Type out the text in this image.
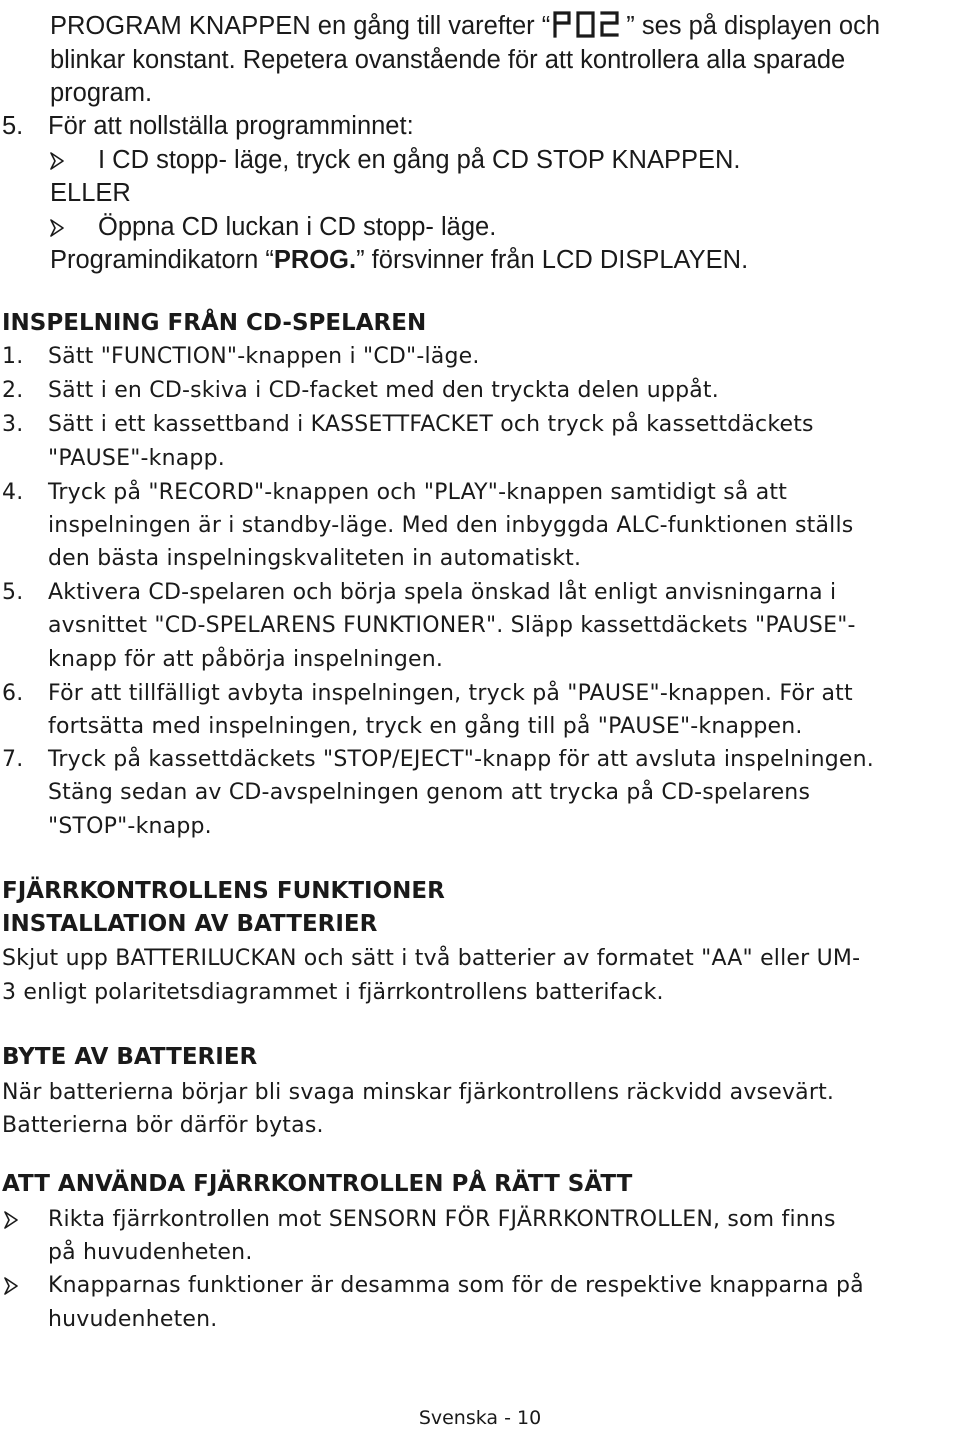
PROGRAM KNAPPEN en gång till varefter “	” ses på displayen och
blinkar konstant. Repetera ovanstående för att kontrollera alla sparade
program.
5. För att nollställa programminnet:
I CD stopp- läge, tryck en gång på CD STOP KNAPPEN.
ELLER
Öppna CD luckan i CD stopp- läge.
Programindikatorn “PROG.” försvinner från LCD DISPLAYEN.
INSPELNING FRÅN CD-SPELAREN
1. Sätt "FUNCTION"-knappen i "CD"-läge.
2. Sätt i en CD-skiva i CD-facket med den tryckta delen uppåt.
3. Sätt i ett kassettband i KASSETTFACKET och tryck på kassettdäckets
"PAUSE"-knapp.
4. Tryck på "RECORD"-knappen och "PLAY"-knappen samtidigt så att
inspelningen är i standby-läge. Med den inbyggda ALC-funktionen ställs
den bästa inspelningskvaliteten in automatiskt.
5. Aktivera CD-spelaren och börja spela önskad låt enligt anvisningarna i
avsnittet "CD-SPELARENS FUNKTIONER". Släpp kassettdäckets "PAUSE"-
knapp för att påbörja inspelningen.
6. För att tillfälligt avbyta inspelningen, tryck på "PAUSE"-knappen. För att
fortsätta med inspelningen, tryck en gång till på "PAUSE"-knappen.
7. Tryck på kassettdäckets "STOP/EJECT"-knapp för att avsluta inspelningen.
Stäng sedan av CD-avspelningen genom att trycka på CD-spelarens
"STOP"-knapp.
FJÄRRKONTROLLENS FUNKTIONER
INSTALLATION AV BATTERIER
Skjut upp BATTERILUCKAN och sätt i två batterier av formatet "AA" eller UM-
3 enligt polaritetsdiagrammet i fjärrkontrollens batterifack.
BYTE AV BATTERIER
När batterierna börjar bli svaga minskar fjärkontrollens räckvidd avsevärt.
Batterierna bör därför bytas.
ATT ANVÄNDA FJÄRRKONTROLLEN PÅ RÄTT SÄTT
Rikta fjärrkontrollen mot SENSORN FÖR FJÄRRKONTROLLEN, som finns
på huvudenheten.
Knapparnas funktioner är desamma som för de respektive knapparna på
huvudenheten.
Svenska - 10
